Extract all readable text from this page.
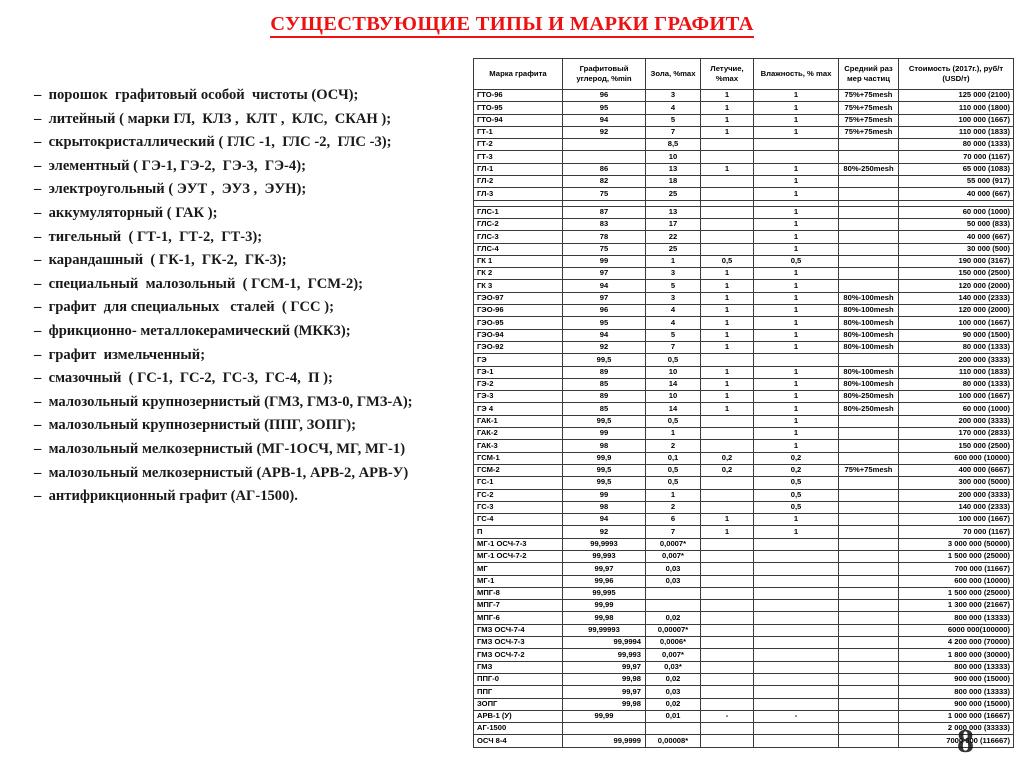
СУЩЕСТВУЮЩИЕ ТИПЫ И МАРКИ ГРАФИТА
–  порошок  графитовый особой  чистоты (ОСЧ);
–  литейный ( марки ГЛ,  КЛЗ ,  КЛТ ,  КЛС,  СКАН );
–  скрытокристаллический ( ГЛС -1,  ГЛС -2,  ГЛС -3);
–  элементный ( ГЭ-1, ГЭ-2,  ГЭ-3,  ГЭ-4);
–  электроугольный ( ЭУТ ,  ЭУЗ ,  ЭУН);
–  аккумуляторный ( ГАК );
–  тигельный  ( ГТ-1,  ГТ-2,  ГТ-3);
–  карандашный  ( ГК-1,  ГК-2,  ГК-3);
–  специальный  малозольный  ( ГСМ-1,  ГСМ-2);
–  графит  для специальных   сталей  ( ГСС );
–  фрикционно- металлокерамический (МКК3);
–  графит  измельченный;
–  смазочный  ( ГС-1,  ГС-2,  ГС-3,  ГС-4,  П );
–  малозольный крупнозернистый (ГМЗ, ГМЗ-0, ГМЗ-А);
–  малозольный крупнозернистый (ППГ, ЗОПГ);
–  малозольный мелкозернистый (МГ-1ОСЧ, МГ, МГ-1)
–  малозольный мелкозернистый (АРВ-1, АРВ-2, АРВ-У)
–  антифрикционный графит (АГ-1500).
Марка графита	Графитовый углерод, %min	Зола, %max	Летучие, %max	Влажность, % max	Средний раз мер частиц	Стоимость (2017г.), руб/т (USD/т)
ГТО-96	96	3	1	1	75%+75mesh	125 000 (2100)
ГТО-95	95	4	1	1	75%+75mesh	110 000 (1800)
ГТО-94	94	5	1	1	75%+75mesh	100 000 (1667)
ГТ-1	92	7	1	1	75%+75mesh	110 000 (1833)
ГТ-2		8,5				80 000 (1333)
ГТ-3		10				70 000 (1167)
ГЛ-1	86	13	1	1	80%-250mesh	65 000 (1083)
ГЛ-2	82	18		1		55 000 (917)
ГЛ-3	75	25		1		40 000 (667)

ГЛС-1	87	13		1		60 000 (1000)
ГЛС-2	83	17		1		50 000 (833)
ГЛС-3	78	22		1		40 000 (667)
ГЛС-4	75	25		1		30 000 (500)
ГК 1	99	1	0,5	0,5		190 000 (3167)
ГК 2	97	3	1	1		150 000 (2500)
ГК 3	94	5	1	1		120 000 (2000)
ГЭО-97	97	3	1	1	80%-100mesh	140 000 (2333)
ГЭО-96	96	4	1	1	80%-100mesh	120 000 (2000)
ГЭО-95	95	4	1	1	80%-100mesh	100 000 (1667)
ГЭО-94	94	5	1	1	80%-100mesh	90 000 (1500)
ГЭО-92	92	7	1	1	80%-100mesh	80 000 (1333)
ГЭ	99,5	0,5				200 000 (3333)
ГЭ-1	89	10	1	1	80%-100mesh	110 000 (1833)
ГЭ-2	85	14	1	1	80%-100mesh	80 000 (1333)
ГЭ-3	89	10	1	1	80%-250mesh	100 000 (1667)
ГЭ 4	85	14	1	1	80%-250mesh	60 000 (1000)
ГАК-1	99,5	0,5		1		200 000 (3333)
ГАК-2	99	1		1		170 000 (2833)
ГАК-3	98	2		1		150 000 (2500)
ГСМ-1	99,9	0,1	0,2	0,2		600 000 (10000)
ГСМ-2	99,5	0,5	0,2	0,2	75%+75mesh	400 000 (6667)
ГС-1	99,5	0,5		0,5		300 000 (5000)
ГС-2	99	1		0,5		200 000 (3333)
ГС-3	98	2		0,5		140 000 (2333)
ГС-4	94	6	1	1		100 000 (1667)
П	92	7	1	1		70 000 (1167)
МГ-1 ОСЧ-7-3	99,9993	0,0007*				3 000 000 (50000)
МГ-1 ОСЧ-7-2	99,993	0,007*				1 500 000 (25000)
МГ	99,97	0,03				700 000 (11667)
МГ-1	99,96	0,03				600 000 (10000)
МПГ-8	99,995					1 500 000 (25000)
МПГ-7	99,99					1 300 000 (21667)
МПГ-6	99,98	0,02				800 000 (13333)
ГМЗ ОСЧ-7-4	99,99993	0,00007*				6000 000(100000)
ГМЗ ОСЧ-7-3	99,9994	0,0006*				4 200 000 (70000)
ГМЗ ОСЧ-7-2	99,993	0,007*				1 800 000 (30000)
ГМЗ	99,97	0,03*				800 000 (13333)
ППГ-0	99,98	0,02				900 000 (15000)
ППГ	99,97	0,03				800 000 (13333)
ЗОПГ	99,98	0,02				900 000 (15000)
АРВ-1 (У)	99,99	0,01	-	-		1 000 000 (16667)
АГ-1500						2 000 000 (33333)
ОСЧ 8-4	99,9999	0,00008*				7000 000 (116667)
8
